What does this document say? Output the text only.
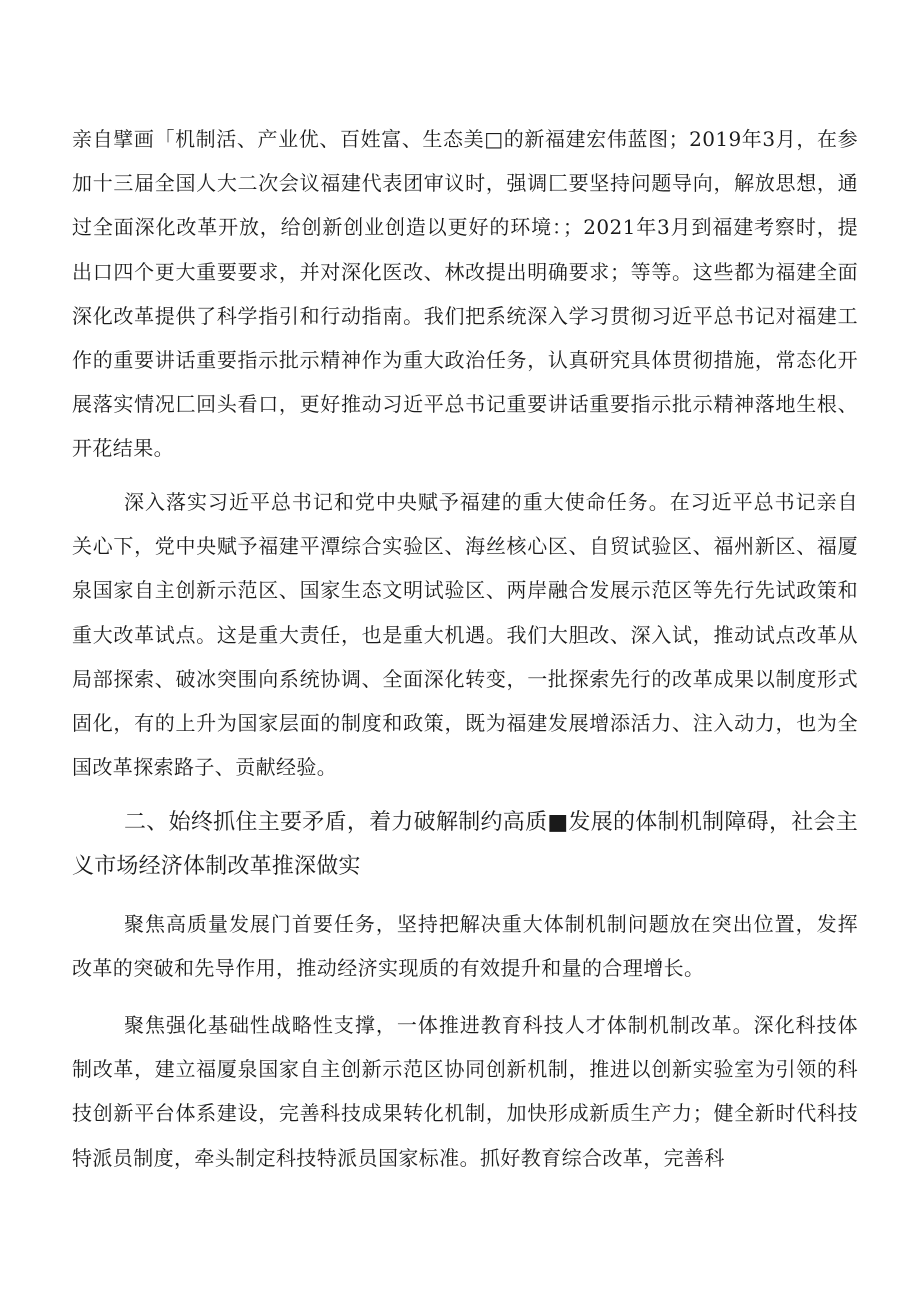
亲自擘画「机制活、产业优、百姓富、生态美□的新福建宏伟蓝图；2019年3月，在参加十三届全国人大二次会议福建代表团审议时，强调匚要坚持问题导向，解放思想，通过全面深化改革开放，给创新创业创造以更好的环境：；2021年3月到福建考察时，提出口四个更大重要要求，并对深化医改、林改提出明确要求；等等。这些都为福建全面深化改革提供了科学指引和行动指南。我们把系统深入学习贯彻习近平总书记对福建工作的重要讲话重要指示批示精神作为重大政治任务，认真研究具体贯彻措施，常态化开展落实情况匚回头看口，更好推动习近平总书记重要讲话重要指示批示精神落地生根、开花结果。

深入落实习近平总书记和党中央赋予福建的重大使命任务。在习近平总书记亲自关心下，党中央赋予福建平潭综合实验区、海丝核心区、自贸试验区、福州新区、福厦泉国家自主创新示范区、国家生态文明试验区、两岸融合发展示范区等先行先试政策和重大改革试点。这是重大责任，也是重大机遇。我们大胆改、深入试，推动试点改革从局部探索、破冰突围向系统协调、全面深化转变，一批探索先行的改革成果以制度形式固化，有的上升为国家层面的制度和政策，既为福建发展增添活力、注入动力，也为全国改革探索路子、贡献经验。

二、始终抓住主要矛盾，着力破解制约高质■发展的体制机制障碍，社会主义市场经济体制改革推深做实

聚焦高质量发展门首要任务，坚持把解决重大体制机制问题放在突出位置，发挥改革的突破和先导作用，推动经济实现质的有效提升和量的合理增长。

聚焦强化基础性战略性支撑，一体推进教育科技人才体制机制改革。深化科技体制改革，建立福厦泉国家自主创新示范区协同创新机制，推进以创新实验室为引领的科技创新平台体系建设，完善科技成果转化机制，加快形成新质生产力；健全新时代科技特派员制度，牵头制定科技特派员国家标准。抓好教育综合改革，完善科
